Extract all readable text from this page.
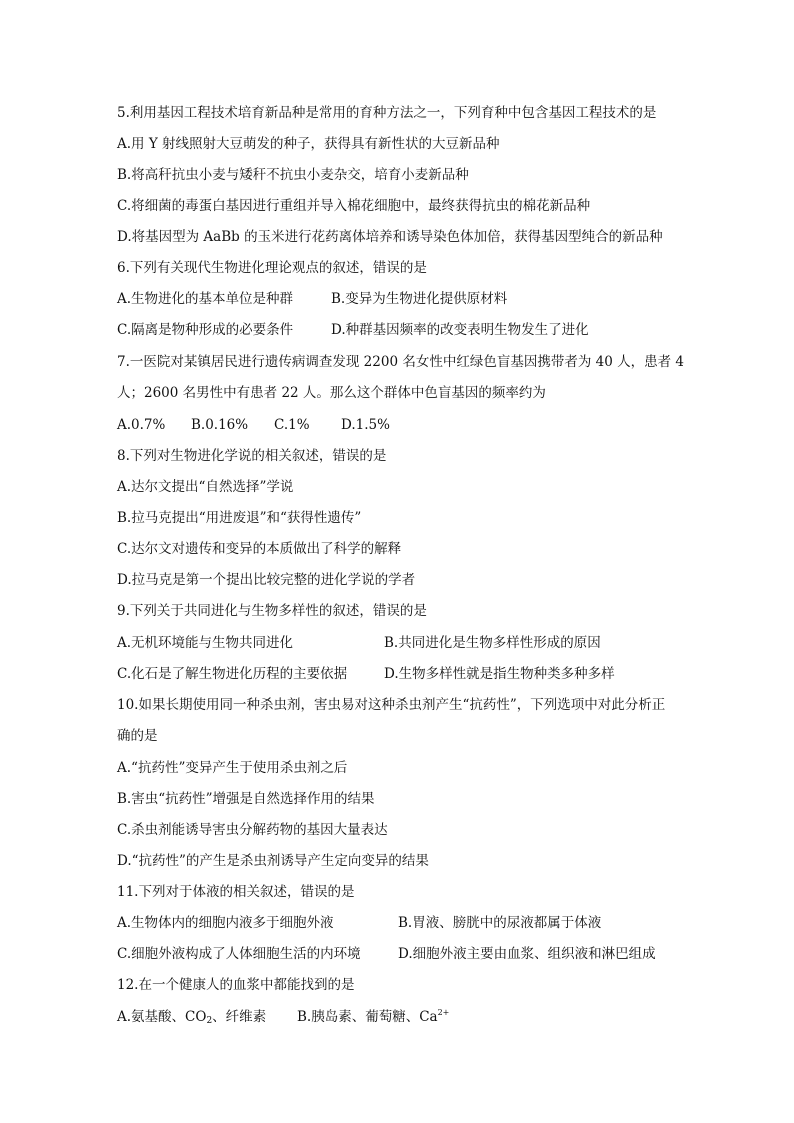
5.利用基因工程技术培育新品种是常用的育种方法之一，下列育种中包含基因工程技术的是
A.用 Y 射线照射大豆萌发的种子，获得具有新性状的大豆新品种
B.将高秆抗虫小麦与矮秆不抗虫小麦杂交，培育小麦新品种
C.将细菌的毒蛋白基因进行重组并导入棉花细胞中，最终获得抗虫的棉花新品种
D.将基因型为 AaBb 的玉米进行花药离体培养和诱导染色体加倍，获得基因型纯合的新品种
6.下列有关现代生物进化理论观点的叙述，错误的是
A.生物进化的基本单位是种群	B.变异为生物进化提供原材料
C.隔离是物种形成的必要条件	D.种群基因频率的改变表明生物发生了进化
7.一医院对某镇居民进行遗传病调查发现 2200 名女性中红绿色盲基因携带者为 40 人，患者 4
人；2600 名男性中有患者 22 人。那么这个群体中色盲基因的频率约为
A.0.7% B.0.16% C.1% D.1.5%
8.下列对生物进化学说的相关叙述，错误的是
A.达尔文提出“自然选择”学说
B.拉马克提出“用进废退”和“获得性遗传”
C.达尔文对遗传和变异的本质做出了科学的解释
D.拉马克是第一个提出比较完整的进化学说的学者
9.下列关于共同进化与生物多样性的叙述，错误的是
A.无机环境能与生物共同进化	B.共同进化是生物多样性形成的原因
C.化石是了解生物进化历程的主要依据	D.生物多样性就是指生物种类多种多样
10.如果长期使用同一种杀虫剂，害虫易对这种杀虫剂产生“抗药性”，下列选项中对此分析正
确的是
A.“抗药性”变异产生于使用杀虫剂之后
B.害虫“抗药性”增强是自然选择作用的结果
C.杀虫剂能诱导害虫分解药物的基因大量表达
D.“抗药性”的产生是杀虫剂诱导产生定向变异的结果
11.下列对于体液的相关叙述，错误的是
A.生物体内的细胞内液多于细胞外液	B.胃液、膀胱中的尿液都属于体液
C.细胞外液构成了人体细胞生活的内环境	D.细胞外液主要由血浆、组织液和淋巴组成
12.在一个健康人的血浆中都能找到的是
A.氨基酸、$CO_2$、纤维素 B.胰岛素、葡萄糖、$Ca^{2+}$
